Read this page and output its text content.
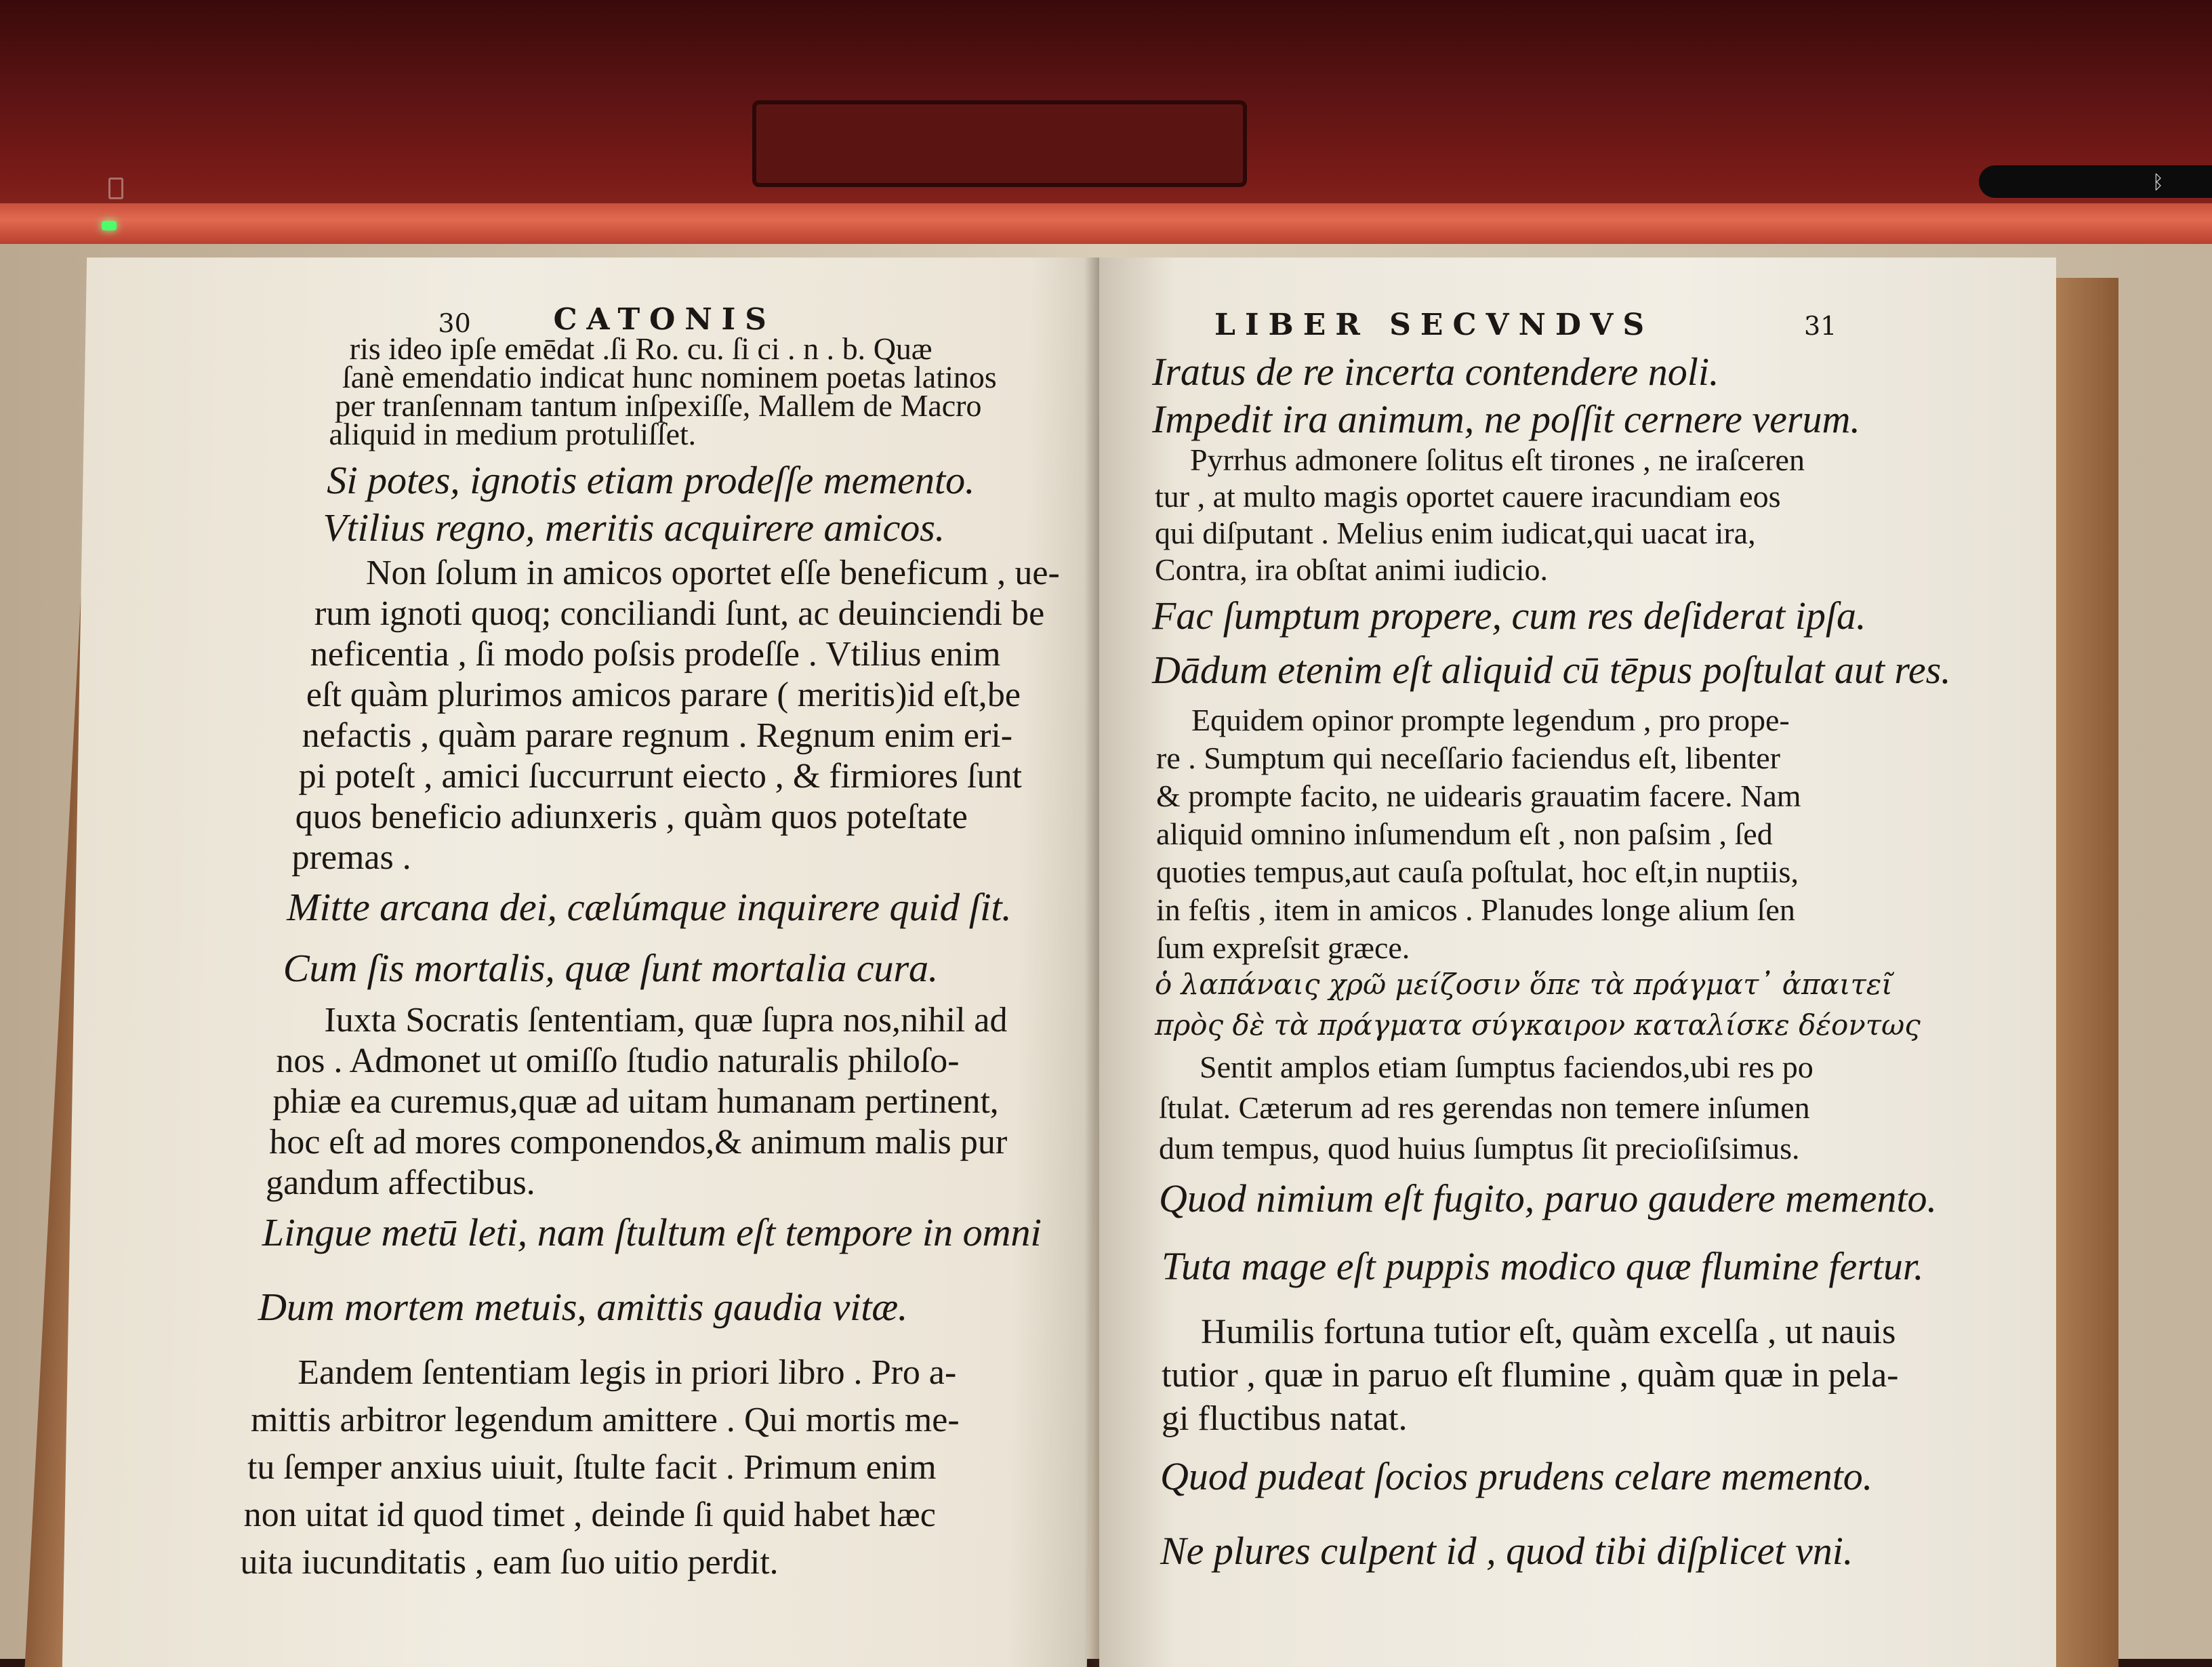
ᛒ
30	CATONIS
ris ideo ipſe emēdat .ſi Ro. cu. ſi ci . n . b. Quæ
ſanè emendatio indicat hunc nominem poetas latinos
per tranſennam tantum inſpexiſſe, Mallem de Macro
aliquid in medium protuliſſet.
Si potes, ignotis etiam prodeſſe memento.
Vtilius regno, meritis acquirere amicos.
Non ſolum in amicos oportet eſſe beneficum , ue-
rum ignoti quoq; conciliandi ſunt, ac deuinciendi be
neficentia , ſi modo poſsis prodeſſe . Vtilius enim
eſt quàm plurimos amicos parare ( meritis)id eſt,be
nefactis , quàm parare regnum . Regnum enim eri-
pi poteſt , amici ſuccurrunt eiecto , & firmiores ſunt
quos beneficio adiunxeris , quàm quos poteſtate
premas .
Mitte arcana dei, cælúmque inquirere quid ſit.
Cum ſis mortalis, quæ ſunt mortalia cura.
Iuxta Socratis ſententiam, quæ ſupra nos,nihil ad
nos . Admonet ut omiſſo ſtudio naturalis philoſo-
phiæ ea curemus,quæ ad uitam humanam pertinent,
hoc eſt ad mores componendos,& animum malis pur
gandum affectibus.
Lingue metū leti, nam ſtultum eſt tempore in omni
Dum mortem metuis, amittis gaudia vitæ.
Eandem ſententiam legis in priori libro . Pro a-
mittis arbitror legendum amittere . Qui mortis me-
tu ſemper anxius uiuit, ſtulte facit . Primum enim
non uitat id quod timet , deinde ſi quid habet hæc
uita iucunditatis , eam ſuo uitio perdit.
LIBER SECVNDVS	31
Iratus de re incerta contendere noli.
Impedit ira animum, ne poſſit cernere verum.
Pyrrhus admonere ſolitus eſt tirones , ne iraſceren
tur , at multo magis oportet cauere iracundiam eos
qui diſputant . Melius enim iudicat,qui uacat ira,
Contra, ira obſtat animi iudicio.
Fac ſumptum propere, cum res deſiderat ipſa.
Dādum etenim eſt aliquid cū tēpus poſtulat aut res.
Equidem opinor prompte legendum , pro prope-
re . Sumptum qui neceſſario faciendus eſt, libenter
& prompte facito, ne uidearis grauatim facere. Nam
aliquid omnino inſumendum eſt , non paſsim , ſed
quoties tempus,aut cauſa poſtulat, hoc eſt,in nuptiis,
in feſtis , item in amicos . Planudes longe alium ſen
ſum expreſsit græce.
ὁ λαπάναις χρῶ μείζοσιν ὅπε τὰ πράγματ᾽ ἀπαιτεῖ
πρὸς δὲ τὰ πράγματα σύγκαιρον καταλίσκε δέοντως
Sentit amplos etiam ſumptus faciendos,ubi res po
ſtulat. Cæterum ad res gerendas non temere inſumen
dum tempus, quod huius ſumptus ſit precioſiſsimus.
Quod nimium eſt fugito, paruo gaudere memento.
Tuta mage eſt puppis modico quæ flumine fertur.
Humilis fortuna tutior eſt, quàm excelſa , ut nauis
tutior , quæ in paruo eſt flumine , quàm quæ in pela-
gi fluctibus natat.
Quod pudeat ſocios prudens celare memento.
Ne plures culpent id , quod tibi diſplicet vni.
